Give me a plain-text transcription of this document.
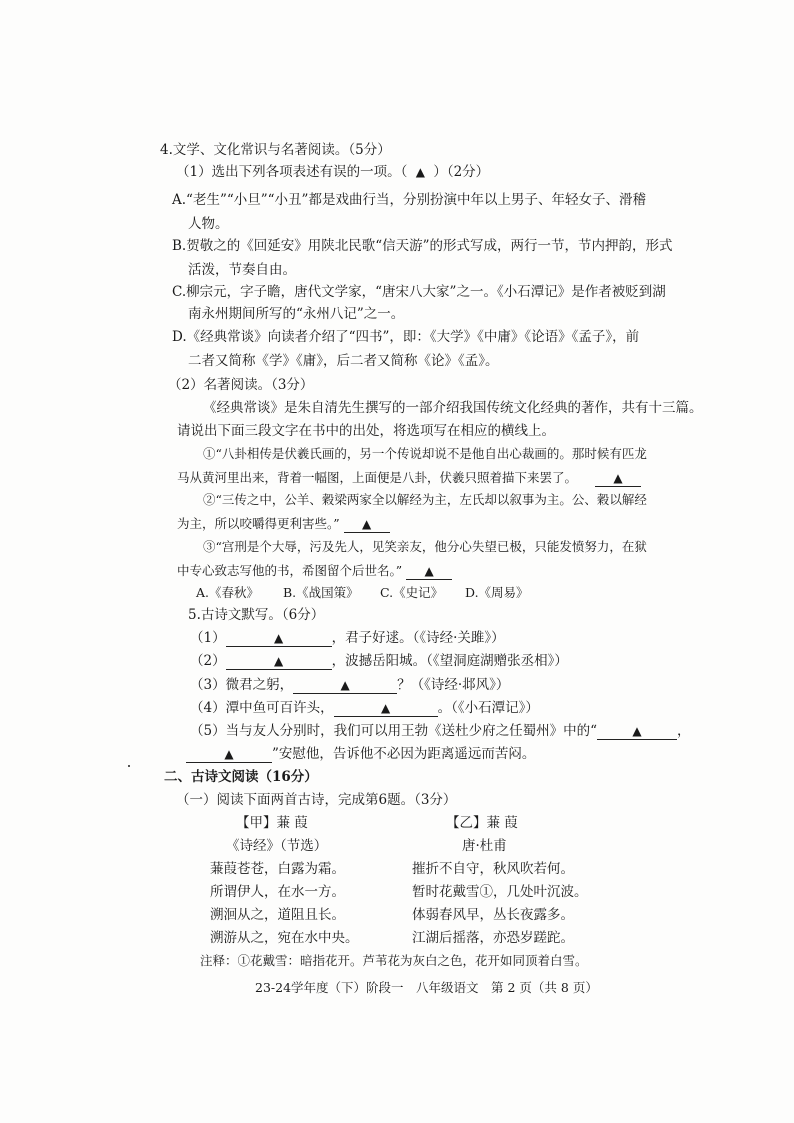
4.文学、文化常识与名著阅读。（5分）
（1）选出下列各项表述有误的一项。（ ▲ ）（2分）
A.“老生”“小旦”“小丑”都是戏曲行当，分别扮演中年以上男子、年轻女子、滑稽
人物。
B.贺敬之的《回延安》用陕北民歌“信天游”的形式写成，两行一节，节内押韵，形式
活泼，节奏自由。
C.柳宗元，字子瞻，唐代文学家，“唐宋八大家”之一。《小石潭记》是作者被贬到湖
南永州期间所写的“永州八记”之一。
D.《经典常谈》向读者介绍了“四书”，即：《大学》《中庸》《论语》《孟子》，前
二者又简称《学》《庸》，后二者又简称《论》《孟》。
（2）名著阅读。（3分）
《经典常谈》是朱自清先生撰写的一部介绍我国传统文化经典的著作，共有十三篇。
请说出下面三段文字在书中的出处，将选项写在相应的横线上。
①“八卦相传是伏羲氏画的，另一个传说却说不是他自出心裁画的。那时候有匹龙
马从黄河里出来，背着一幅图，上面便是八卦，伏羲只照着描下来罢了。	▲
②“三传之中，公羊、穀梁两家全以解经为主，左氏却以叙事为主。公、穀以解经
为主，所以咬嚼得更利害些。” ▲
③“宫刑是个大辱，污及先人，见笑亲友，他分心失望已极，只能发愤努力，在狱
中专心致志写他的书，希图留个后世名。” ▲
A.《春秋》 B.《战国策》 C.《史记》 D.《周易》
5.古诗文默写。（6分）
（1）	▲	，君子好逑。（《诗经·关雎》）
（2）	▲	，波撼岳阳城。（《望洞庭湖赠张丞相》）
（3）微君之躬，	▲	？（《诗经·邶风》）
（4）潭中鱼可百许头，	▲	。（《小石潭记》）
（5）当与友人分别时，我们可以用王勃《送杜少府之任蜀州》中的“	▲	，
▲	”安慰他，告诉他不必因为距离遥远而苦闷。
二、古诗文阅读（16分）
（一）阅读下面两首古诗，完成第6题。（3分）
【甲】蒹 葭
《诗经》（节选）
蒹葭苍苍，白露为霜。
所谓伊人，在水一方。
溯洄从之，道阻且长。
溯游从之，宛在水中央。
【乙】蒹 葭
唐·杜甫
摧折不自守，秋风吹若何。
暂时花戴雪①，几处叶沉波。
体弱春风早，丛长夜露多。
江湖后摇落，亦恐岁蹉跎。
注释：①花戴雪：暗指花开。芦苇花为灰白之色，花开如同顶着白雪。
23-24学年度（下）阶段一　八年级语文　第 2 页（共 8 页）
